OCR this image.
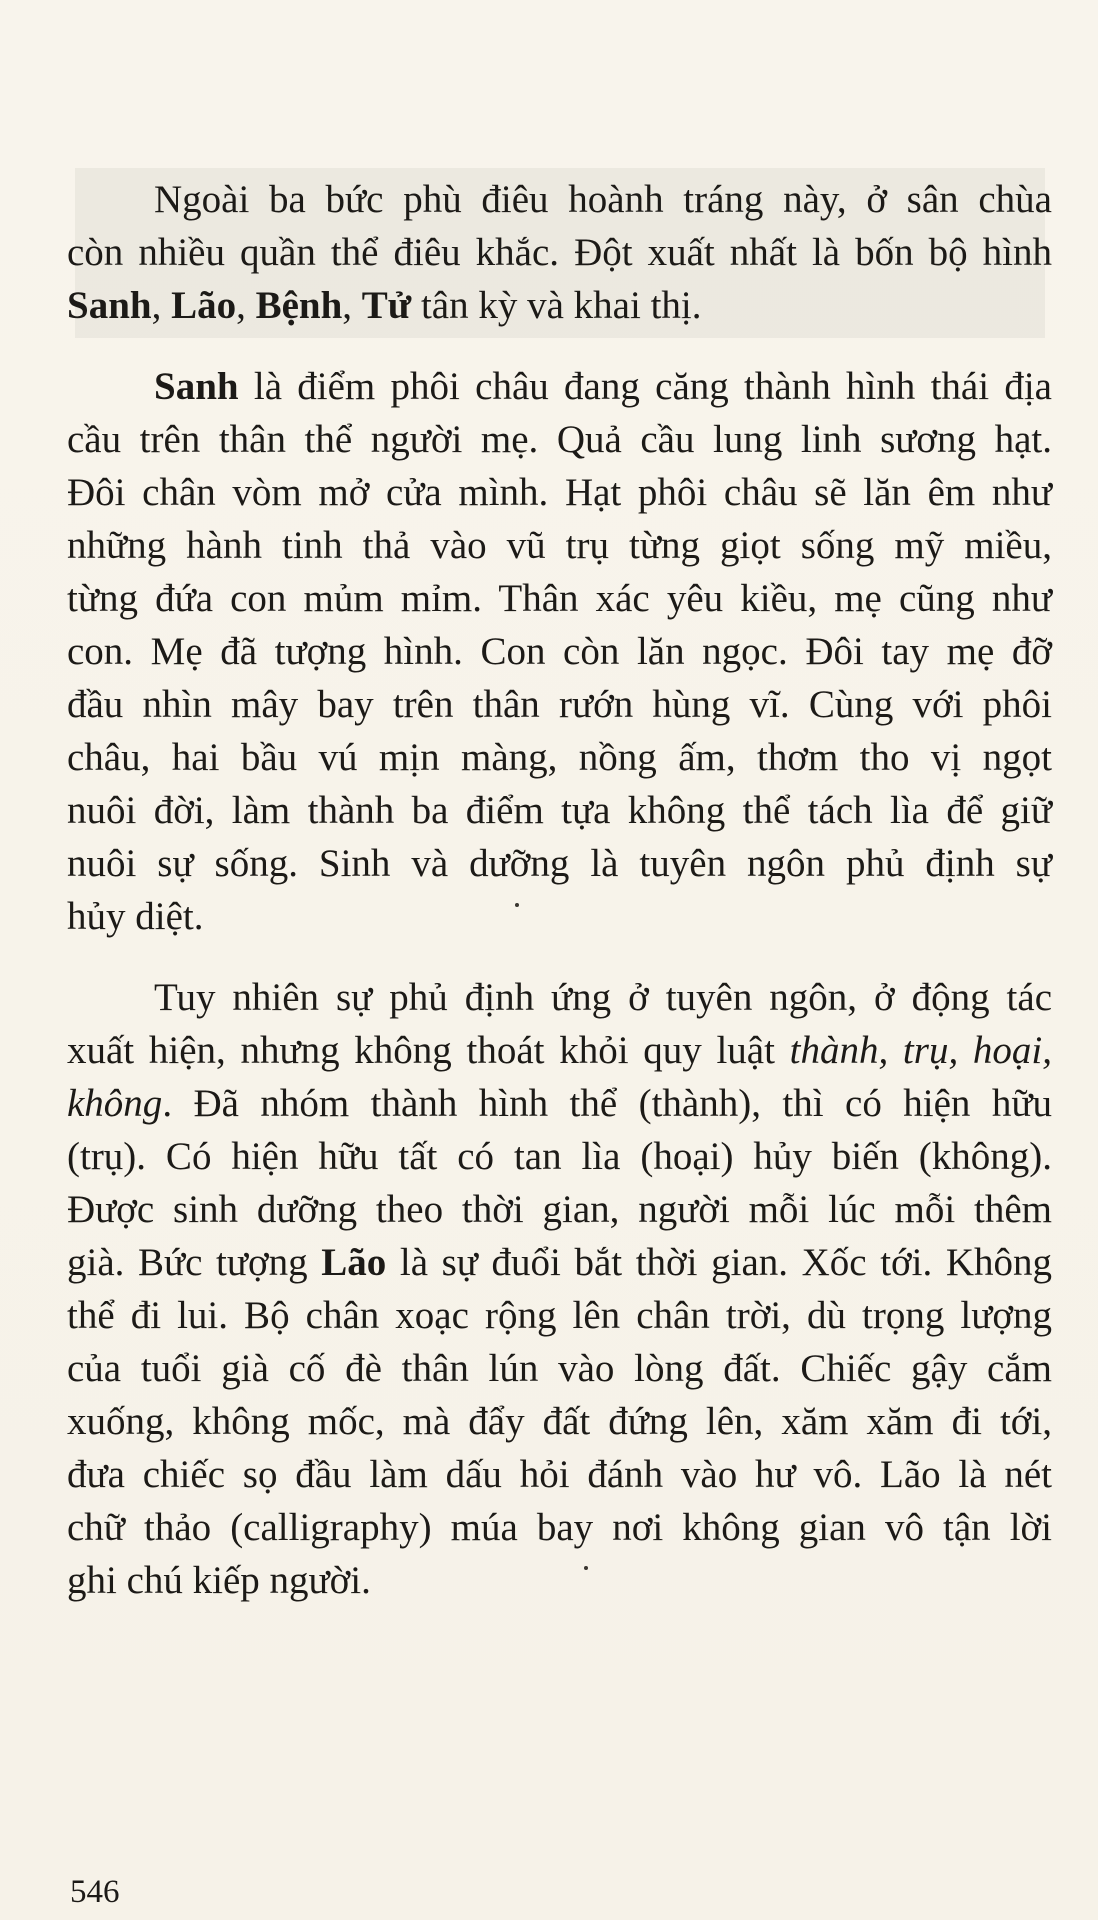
Ngoài ba bức phù điêu hoành tráng này, ở sân chùa
còn nhiều quần thể điêu khắc. Đột xuất nhất là bốn bộ hình
Sanh, Lão, Bệnh, Tử tân kỳ và khai thị.
Sanh là điểm phôi châu đang căng thành hình thái địa
cầu trên thân thể người mẹ. Quả cầu lung linh sương hạt.
Đôi chân vòm mở cửa mình. Hạt phôi châu sẽ lăn êm như
những hành tinh thả vào vũ trụ từng giọt sống mỹ miều,
từng đứa con mủm mỉm. Thân xác yêu kiều, mẹ cũng như
con. Mẹ đã tượng hình. Con còn lăn ngọc. Đôi tay mẹ đỡ
đầu nhìn mây bay trên thân rướn hùng vĩ. Cùng với phôi
châu, hai bầu vú mịn màng, nồng ấm, thơm tho vị ngọt
nuôi đời, làm thành ba điểm tựa không thể tách lìa để giữ
nuôi sự sống. Sinh và dưỡng là tuyên ngôn phủ định sự
hủy diệt.
Tuy nhiên sự phủ định ứng ở tuyên ngôn, ở động tác
xuất hiện, nhưng không thoát khỏi quy luật thành, trụ, hoại,
không. Đã nhóm thành hình thể (thành), thì có hiện hữu
(trụ). Có hiện hữu tất có tan lìa (hoại) hủy biến (không).
Được sinh dưỡng theo thời gian, người mỗi lúc mỗi thêm
già. Bức tượng Lão là sự đuổi bắt thời gian. Xốc tới. Không
thể đi lui. Bộ chân xoạc rộng lên chân trời, dù trọng lượng
của tuổi già cố đè thân lún vào lòng đất. Chiếc gậy cắm
xuống, không mốc, mà đẩy đất đứng lên, xăm xăm đi tới,
đưa chiếc sọ đầu làm dấu hỏi đánh vào hư vô. Lão là nét
chữ thảo (calligraphy) múa bay nơi không gian vô tận lời
ghi chú kiếp người.
546
